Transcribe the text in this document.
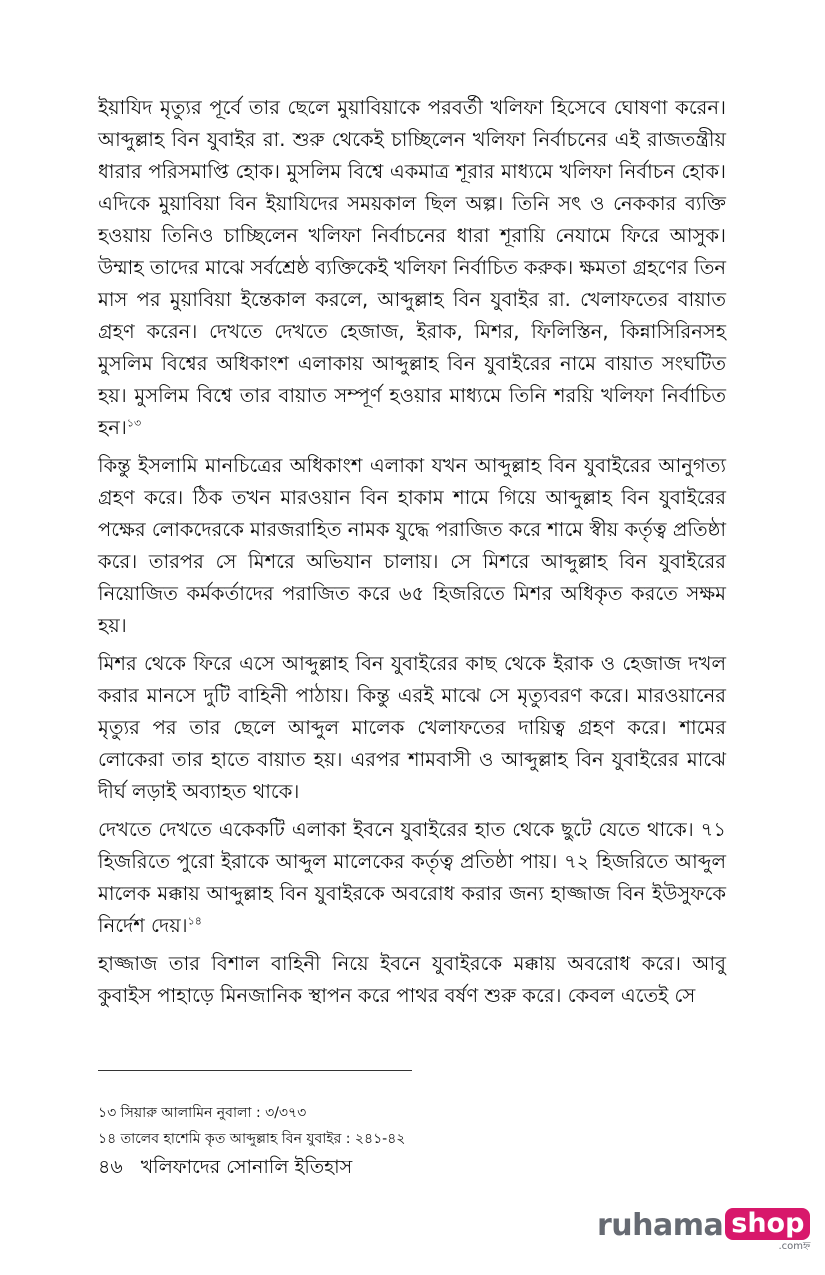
ইয়াযিদ মৃত্যুর পূর্বে তার ছেলে মুয়াবিয়াকে পরবর্তী খলিফা হিসেবে ঘোষণা করেন। আব্দুল্লাহ বিন যুবাইর রা. শুরু থেকেই চাচ্ছিলেন খলিফা নির্বাচনের এই রাজতন্ত্রীয় ধারার পরিসমাপ্তি হোক। মুসলিম বিশ্বে একমাত্র শূরার মাধ্যমে খলিফা নির্বাচন হোক। এদিকে মুয়াবিয়া বিন ইয়াযিদের সময়কাল ছিল অল্প। তিনি সৎ ও নেককার ব্যক্তি হওয়ায় তিনিও চাচ্ছিলেন খলিফা নির্বাচনের ধারা শূরায়ি নেযামে ফিরে আসুক। উম্মাহ তাদের মাঝে সর্বশ্রেষ্ঠ ব্যক্তিকেই খলিফা নির্বাচিত করুক। ক্ষমতা গ্রহণের তিন মাস পর মুয়াবিয়া ইন্তেকাল করলে, আব্দুল্লাহ বিন যুবাইর রা. খেলাফতের বায়াত গ্রহণ করেন। দেখতে দেখতে হেজাজ, ইরাক, মিশর, ফিলিস্তিন, কিন্নাসিরিনসহ মুসলিম বিশ্বের অধিকাংশ এলাকায় আব্দুল্লাহ বিন যুবাইরের নামে বায়াত সংঘটিত হয়। মুসলিম বিশ্বে তার বায়াত সম্পূর্ণ হওয়ার মাধ্যমে তিনি শরয়ি খলিফা নির্বাচিত হন।$^{১৩}$

কিন্তু ইসলামি মানচিত্রের অধিকাংশ এলাকা যখন আব্দুল্লাহ বিন যুবাইরের আনুগত্য গ্রহণ করে। ঠিক তখন মারওয়ান বিন হাকাম শামে গিয়ে আব্দুল্লাহ বিন যুবাইরের পক্ষের লোকদেরকে মারজরাহিত নামক যুদ্ধে পরাজিত করে শামে স্বীয় কর্তৃত্ব প্রতিষ্ঠা করে। তারপর সে মিশরে অভিযান চালায়। সে মিশরে আব্দুল্লাহ বিন যুবাইরের নিয়োজিত কর্মকর্তাদের পরাজিত করে ৬৫ হিজরিতে মিশর অধিকৃত করতে সক্ষম হয়।

মিশর থেকে ফিরে এসে আব্দুল্লাহ বিন যুবাইরের কাছ থেকে ইরাক ও হেজাজ দখল করার মানসে দুটি বাহিনী পাঠায়। কিন্তু এরই মাঝে সে মৃত্যুবরণ করে। মারওয়ানের মৃত্যুর পর তার ছেলে আব্দুল মালেক খেলাফতের দায়িত্ব গ্রহণ করে। শামের লোকেরা তার হাতে বায়াত হয়। এরপর শামবাসী ও আব্দুল্লাহ বিন যুবাইরের মাঝে দীর্ঘ লড়াই অব্যাহত থাকে।

দেখতে দেখতে একেকটি এলাকা ইবনে যুবাইরের হাত থেকে ছুটে যেতে থাকে। ৭১ হিজরিতে পুরো ইরাকে আব্দুল মালেকের কর্তৃত্ব প্রতিষ্ঠা পায়। ৭২ হিজরিতে আব্দুল মালেক মক্কায় আব্দুল্লাহ বিন যুবাইরকে অবরোধ করার জন্য হাজ্জাজ বিন ইউসুফকে নির্দেশ দেয়।$^{১৪}$

হাজ্জাজ তার বিশাল বাহিনী নিয়ে ইবনে যুবাইরকে মক্কায় অবরোধ করে। আবু কুবাইস পাহাড়ে মিনজানিক স্থাপন করে পাথর বর্ষণ শুরু করে। কেবল এতেই সে

১৩ সিয়ারু আলামিন নুবালা : ৩/৩৭৩

১৪ তালেব হাশেমি কৃত আব্দুল্লাহ বিন যুবাইর : ২৪১-৪২

৪৬ খলিফাদের সোনালি ইতিহাস
ruhama shop
.comহ্ন
